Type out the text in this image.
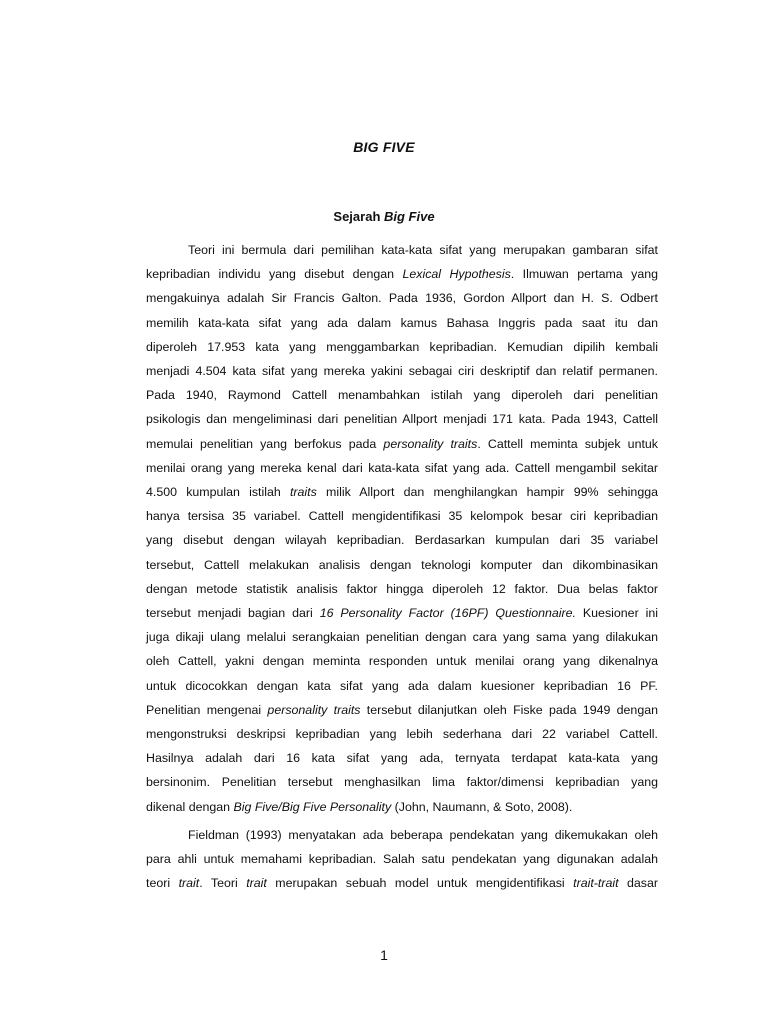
BIG FIVE
Sejarah Big Five
Teori ini bermula dari pemilihan kata-kata sifat yang merupakan gambaran sifat
kepribadian individu yang disebut dengan Lexical Hypothesis. Ilmuwan pertama yang
mengakuinya adalah Sir Francis Galton. Pada 1936, Gordon Allport dan H. S. Odbert
memilih kata-kata sifat yang ada dalam kamus Bahasa Inggris pada saat itu dan
diperoleh 17.953 kata yang menggambarkan kepribadian. Kemudian dipilih kembali
menjadi 4.504 kata sifat yang mereka yakini sebagai ciri deskriptif dan relatif permanen.
Pada 1940, Raymond Cattell menambahkan istilah yang diperoleh dari penelitian
psikologis dan mengeliminasi dari penelitian Allport menjadi 171 kata. Pada 1943, Cattell
memulai penelitian yang berfokus pada personality traits. Cattell meminta subjek untuk
menilai orang yang mereka kenal dari kata-kata sifat yang ada. Cattell mengambil sekitar
4.500 kumpulan istilah traits milik Allport dan menghilangkan hampir 99% sehingga
hanya tersisa 35 variabel. Cattell mengidentifikasi 35 kelompok besar ciri kepribadian
yang disebut dengan wilayah kepribadian. Berdasarkan kumpulan dari 35 variabel
tersebut, Cattell melakukan analisis dengan teknologi komputer dan dikombinasikan
dengan metode statistik analisis faktor hingga diperoleh 12 faktor. Dua belas faktor
tersebut menjadi bagian dari 16 Personality Factor (16PF) Questionnaire. Kuesioner ini
juga dikaji ulang melalui serangkaian penelitian dengan cara yang sama yang dilakukan
oleh Cattell, yakni dengan meminta responden untuk menilai orang yang dikenalnya
untuk dicocokkan dengan kata sifat yang ada dalam kuesioner kepribadian 16 PF.
Penelitian mengenai personality traits tersebut dilanjutkan oleh Fiske pada 1949 dengan
mengonstruksi deskripsi kepribadian yang lebih sederhana dari 22 variabel Cattell.
Hasilnya adalah dari 16 kata sifat yang ada, ternyata terdapat kata-kata yang
bersinonim. Penelitian tersebut menghasilkan lima faktor/dimensi kepribadian yang
dikenal dengan Big Five/Big Five Personality (John, Naumann, & Soto, 2008).
Fieldman (1993) menyatakan ada beberapa pendekatan yang dikemukakan oleh
para ahli untuk memahami kepribadian. Salah satu pendekatan yang digunakan adalah
teori trait. Teori trait merupakan sebuah model untuk mengidentifikasi trait-trait dasar
1
